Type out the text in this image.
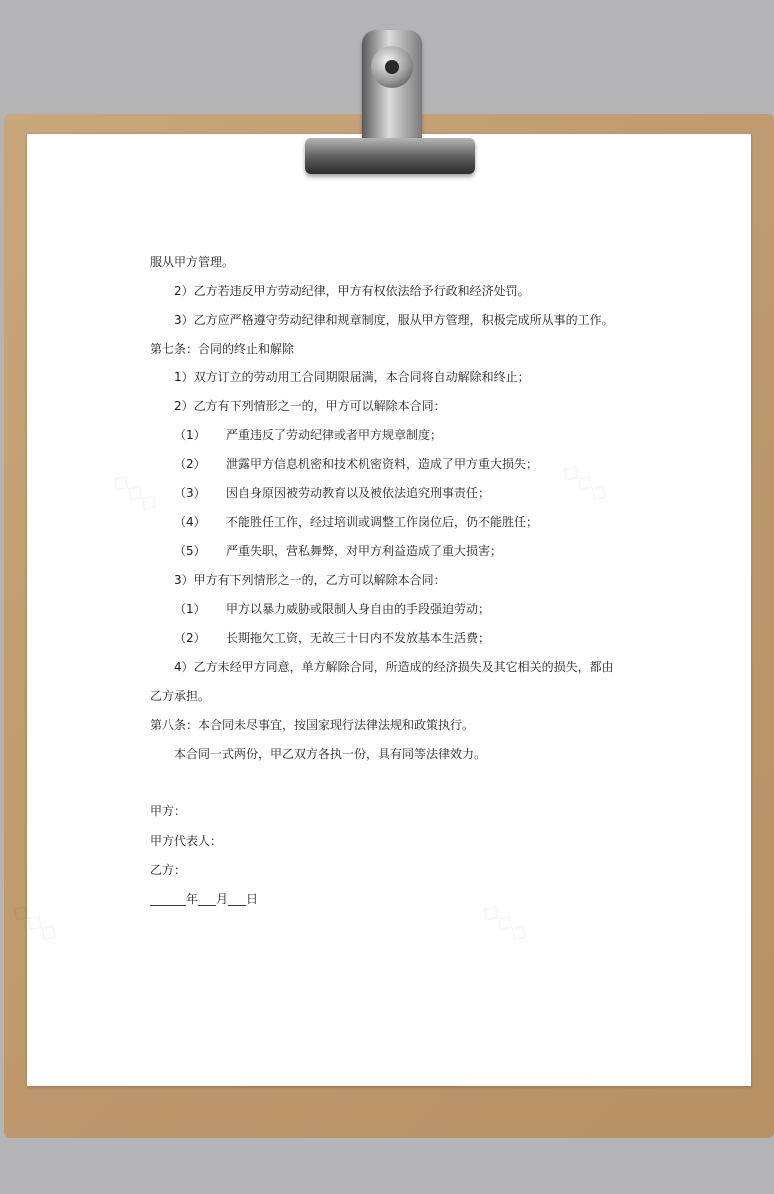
◇◇◇	◇◇◇
◇◇◇	◇◇◇
服从甲方管理。
2）乙方若违反甲方劳动纪律，甲方有权依法给予行政和经济处罚。
3）乙方应严格遵守劳动纪律和规章制度，服从甲方管理，积极完成所从事的工作。
第七条：合同的终止和解除
1）双方订立的劳动用工合同期限届满，本合同将自动解除和终止；
2）乙方有下列情形之一的，甲方可以解除本合同：
（1） 严重违反了劳动纪律或者甲方规章制度；
（2） 泄露甲方信息机密和技术机密资料，造成了甲方重大损失；
（3） 因自身原因被劳动教育以及被依法追究刑事责任；
（4） 不能胜任工作，经过培训或调整工作岗位后，仍不能胜任；
（5） 严重失职，营私舞弊，对甲方利益造成了重大损害；
3）甲方有下列情形之一的，乙方可以解除本合同：
（1） 甲方以暴力威胁或限制人身自由的手段强迫劳动；
（2） 长期拖欠工资，无故三十日内不发放基本生活费；
4）乙方未经甲方同意，单方解除合同，所造成的经济损失及其它相关的损失，都由
乙方承担。
第八条：本合同未尽事宜，按国家现行法律法规和政策执行。
本合同一式两份，甲乙双方各执一份，具有同等法律效力。
甲方：
甲方代表人：
乙方：
______年___月___日
